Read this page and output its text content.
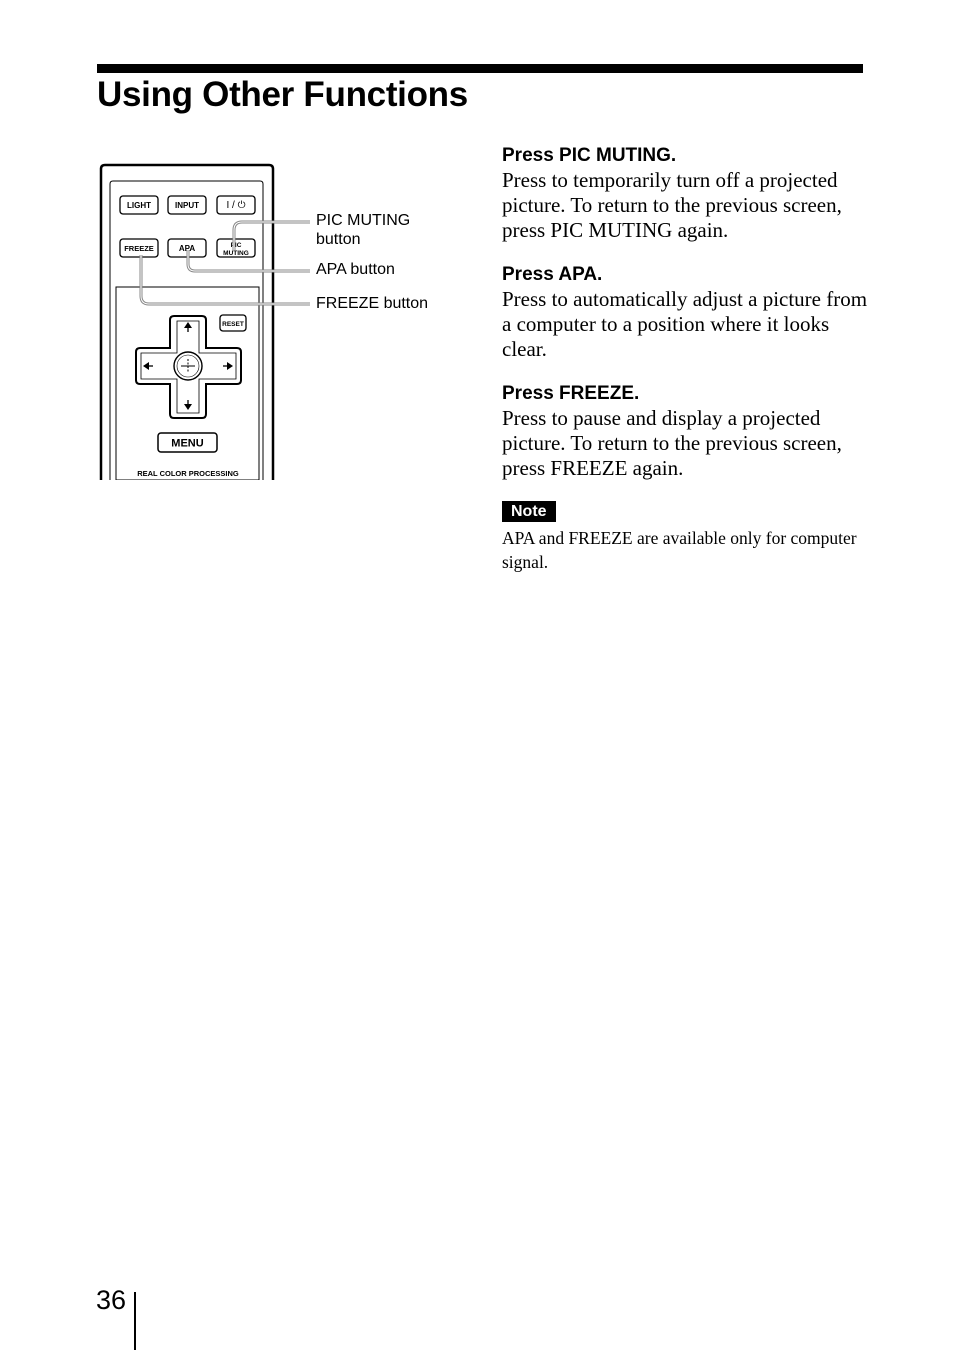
Using Other Functions
LIGHT	INPUT	I / ⏻
FREEZE	APA	PIC
MUTING
RESET
MENU
REAL COLOR PROCESSING
PIC MUTING
button
APA button
FREEZE button
Press PIC MUTING.

Press to temporarily turn off a projected picture. To return to the previous screen, press PIC MUTING again.

Press APA.

Press to automatically adjust a picture from a computer to a position where it looks clear.

Press FREEZE.

Press to pause and display a projected picture. To return to the previous screen, press FREEZE again.

Note

APA and FREEZE are available only for computer signal.

36
